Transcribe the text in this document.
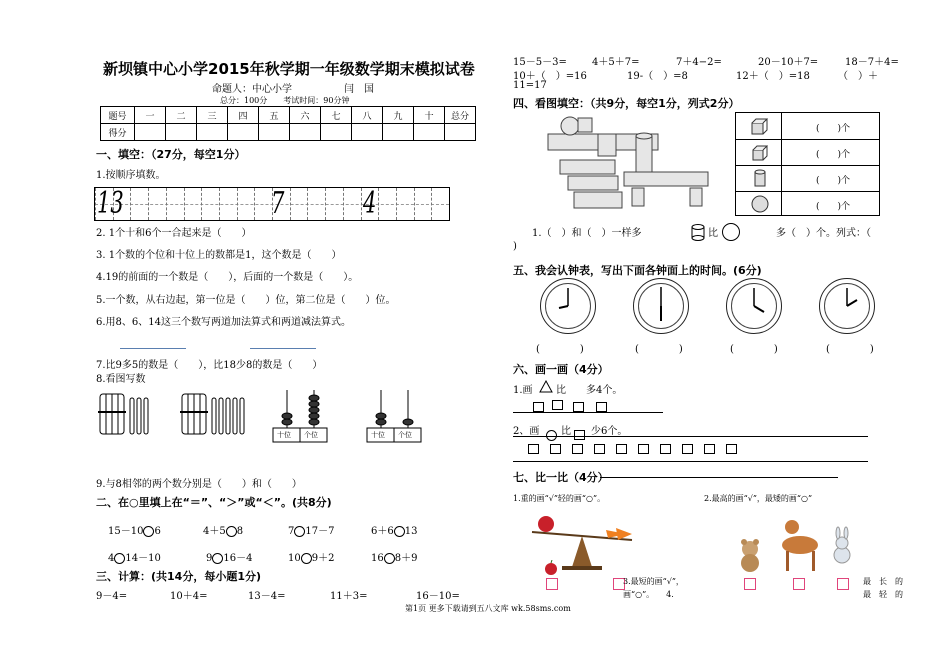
新坝镇中心小学2015年秋学期一年级数学期末模拟试卷
命题人：中心小学	闫　国
总分：100分　　考试时间：90分钟
题号	一	二	三	四	五	六	七	八	九	十	总分
得分											
一、填空：（27分，每空1分）
1.按顺序填数。
13	7	4
2. 1个十和6个一合起来是（　　）
3. 1个数的个位和十位上的数都是1，这个数是（　　）
4.19的前面的一个数是（　　），后面的一个数是（　　）。
5.一个数，从右边起，第一位是（　　）位，第二位是（　　）位。
6.用8、6、14这三个数写两道加法算式和两道减法算式。
7.比9多5的数是（　　），比18少8的数是（　　）
8.看图写数
十位 个位	十位 个位
9.与8相邻的两个数分别是（　　）和（　　）
二、在○里填上在“＝”、“＞”或“＜”。(共8分)
15－10 6	4＋5 8	7 17－7	6＋6 13
4 14－10	9 16－4	10 9＋2	16 8＋9
三、计算：(共14分，每小题1分)
9－4=	10＋4=	13－4=	11＋3=	16－10=
15－5－3=	4＋5＋7=	7＋4−2=	20－10＋7=	18－7＋4=
10＋（　）=16	19-（　）=8	12＋（　）=18	（　）＋
11=17
四、看图填空：（共9分，每空1分，列式2分）
(　　)个
(　　)个
(　　)个
(　　)个
1.（　）和（　）一样多	比	多（　）个。列式：（
)
五、我会认钟表，写出下面各钟面上的时间。(6分)
(　　　　)	(　　　　)	(　　　　)	(　　　　)
六、画一画（4分）
1.画 比 多4个。
2、画 比 少6个。
七、比一比（4分）
1.重的画“√”轻的画“○”。	2.最高的画“√”，最矮的画“○”
3.最短的画“√”，
画“○”。　　4.
最　长　的
最　轻　的
第1页 更多下载请到五八文库 wk.58sms.com
